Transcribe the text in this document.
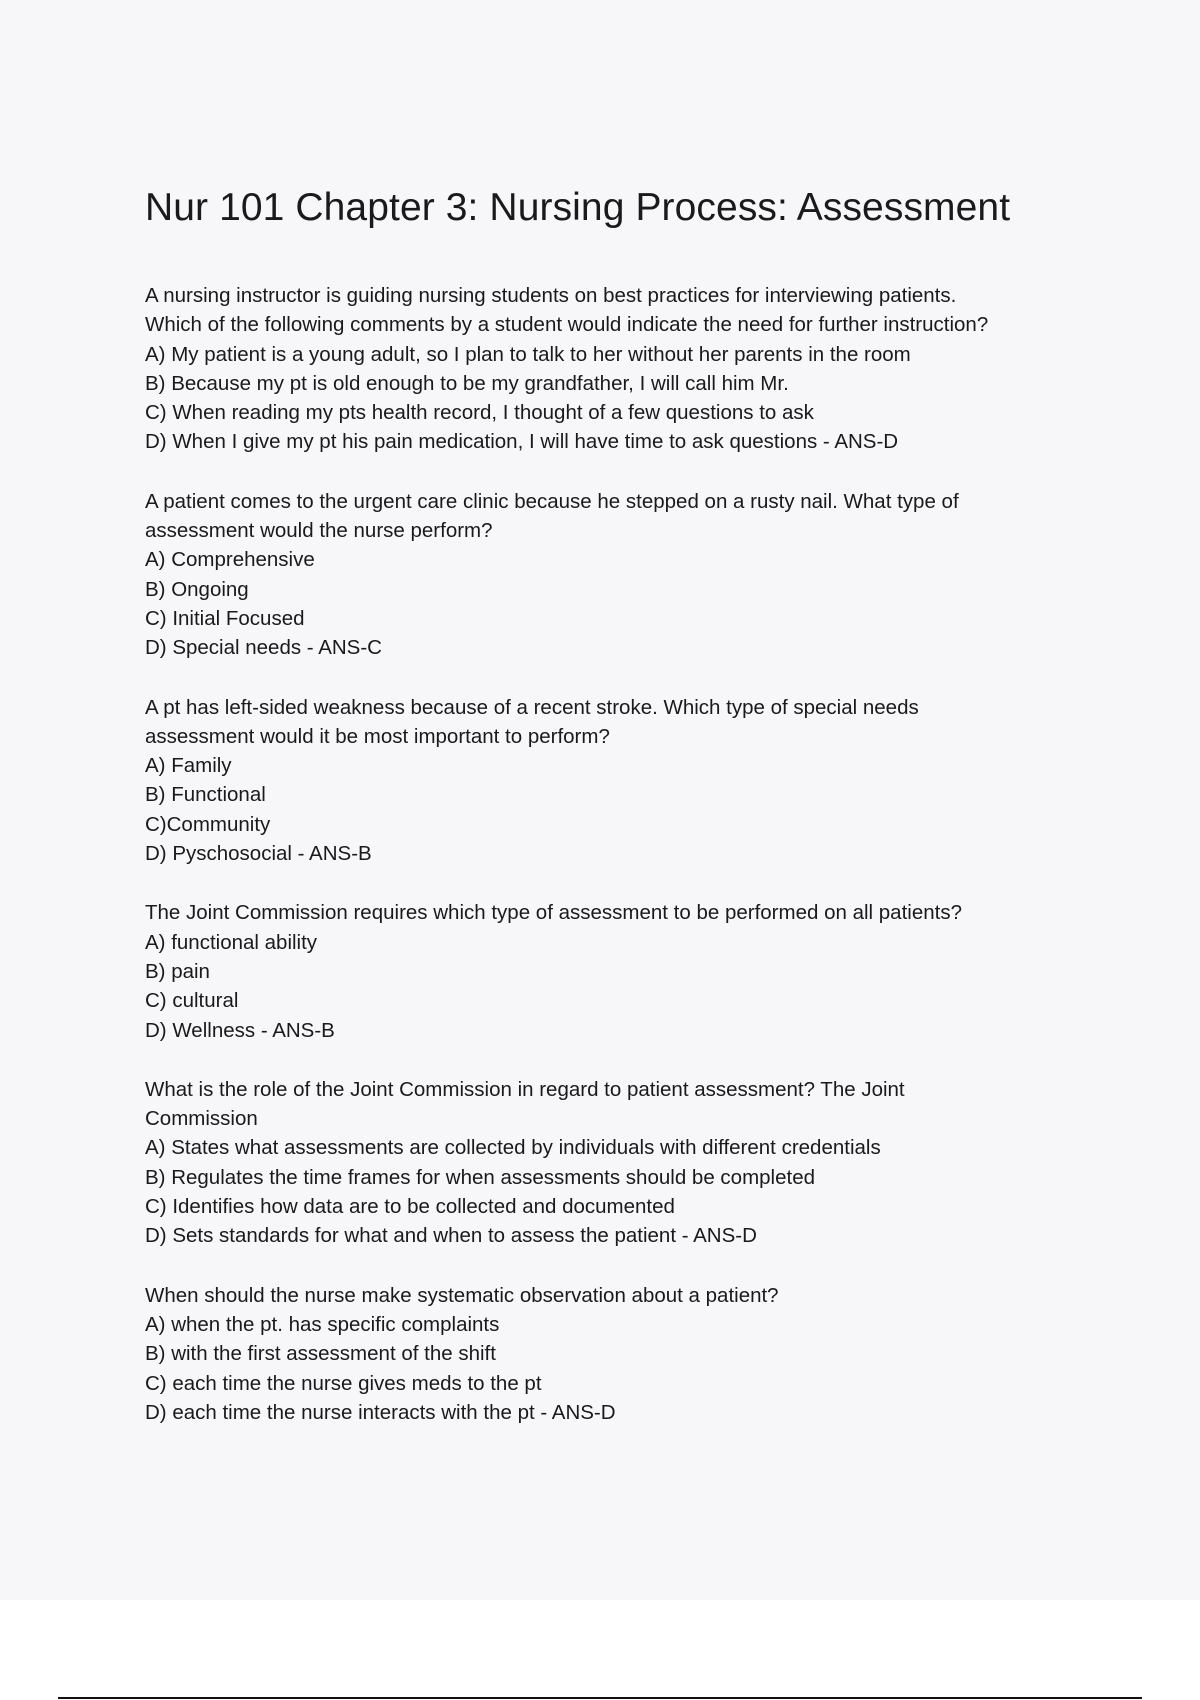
Nur 101 Chapter 3: Nursing Process: Assessment
A nursing instructor is guiding nursing students on best practices for interviewing patients.
Which of the following comments by a student would indicate the need for further instruction?
A) My patient is a young adult, so I plan to talk to her without her parents in the room
B) Because my pt is old enough to be my grandfather, I will call him Mr.
C) When reading my pts health record, I thought of a few questions to ask
D) When I give my pt his pain medication, I will have time to ask questions - ANS-D
A patient comes to the urgent care clinic because he stepped on a rusty nail. What type of
assessment would the nurse perform?
A) Comprehensive
B) Ongoing
C) Initial Focused
D) Special needs - ANS-C
A pt has left-sided weakness because of a recent stroke. Which type of special needs
assessment would it be most important to perform?
A) Family
B) Functional
C)Community
D) Pyschosocial - ANS-B
The Joint Commission requires which type of assessment to be performed on all patients?
A) functional ability
B) pain
C) cultural
D) Wellness - ANS-B
What is the role of the Joint Commission in regard to patient assessment? The Joint
Commission
A) States what assessments are collected by individuals with different credentials
B) Regulates the time frames for when assessments should be completed
C) Identifies how data are to be collected and documented
D) Sets standards for what and when to assess the patient - ANS-D
When should the nurse make systematic observation about a patient?
A) when the pt. has specific complaints
B) with the first assessment of the shift
C) each time the nurse gives meds to the pt
D) each time the nurse interacts with the pt - ANS-D
